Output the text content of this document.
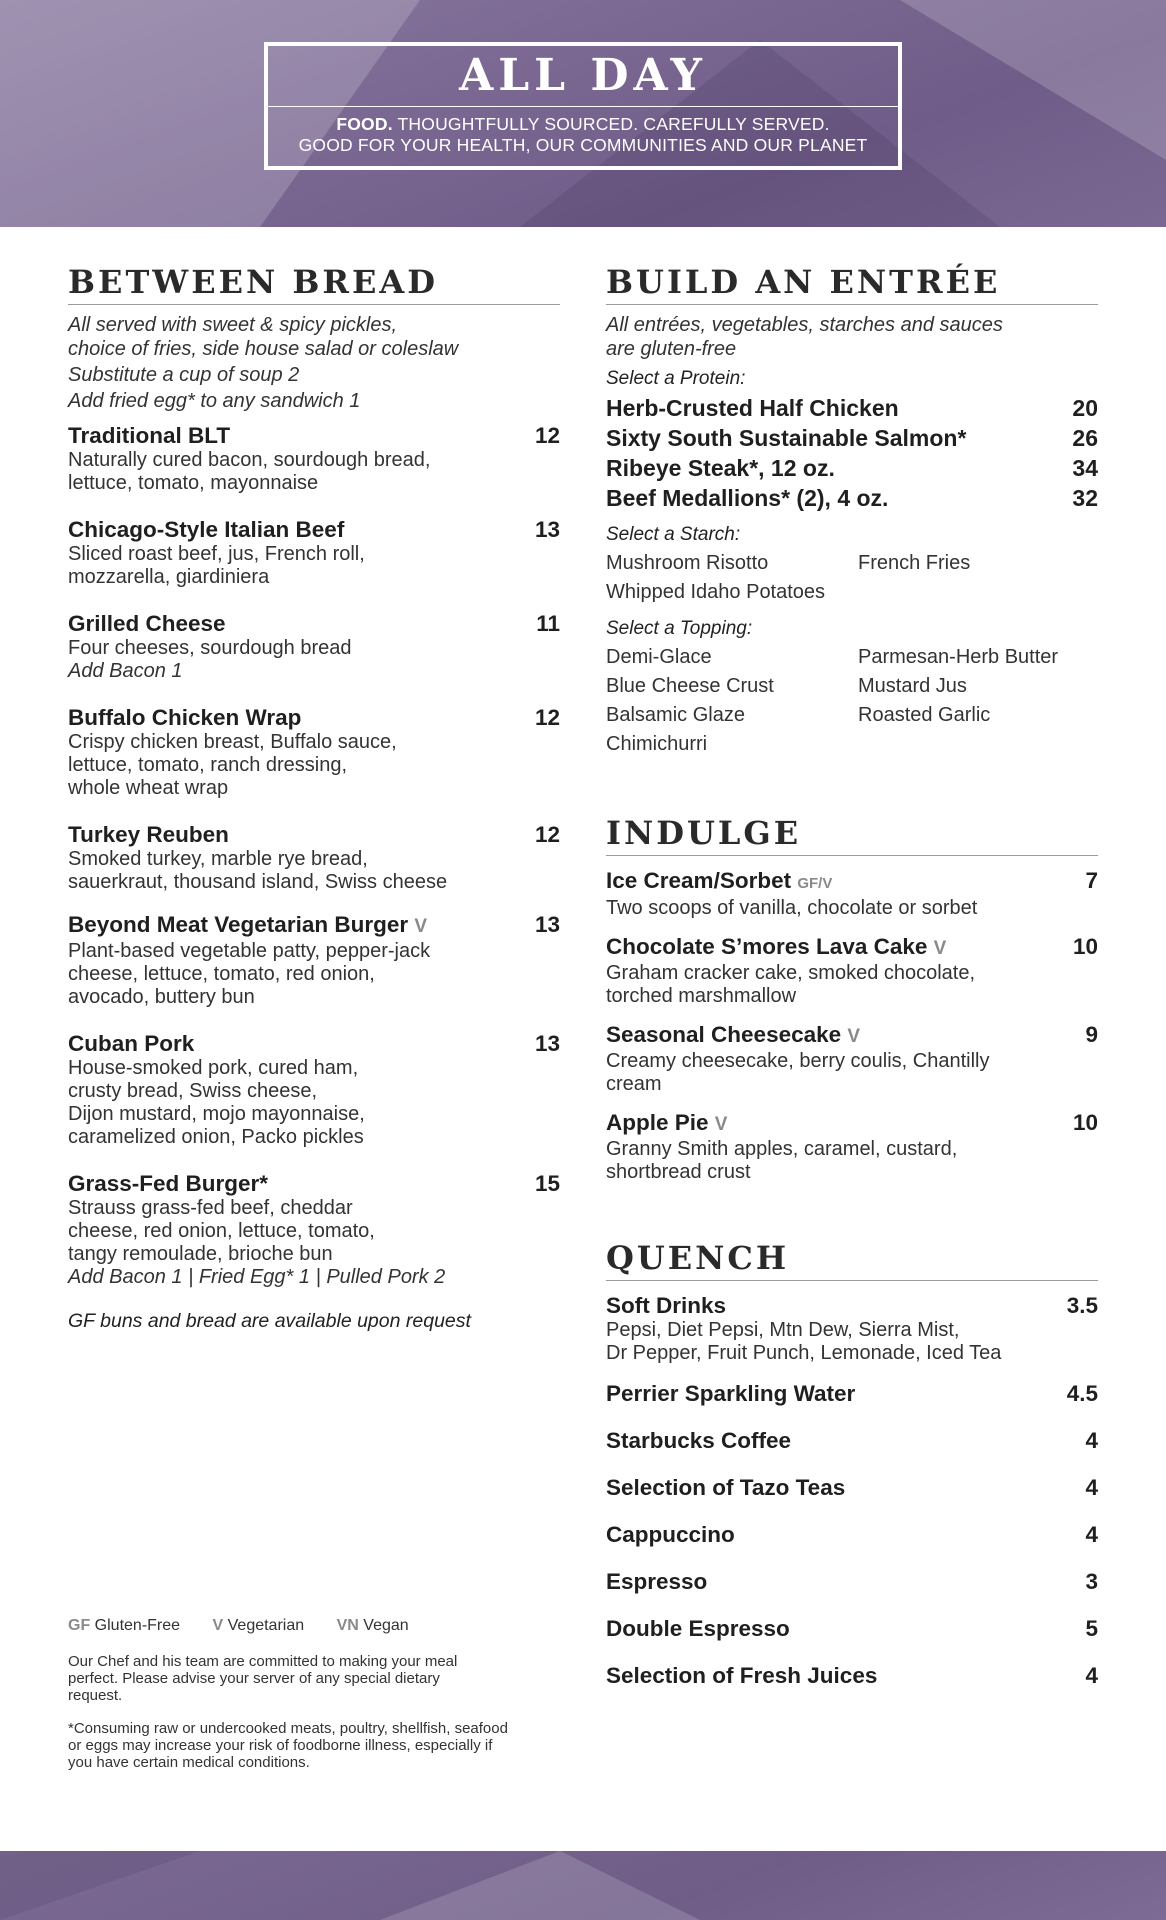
ALL DAY
FOOD. THOUGHTFULLY SOURCED. CAREFULLY SERVED.
GOOD FOR YOUR HEALTH, OUR COMMUNITIES AND OUR PLANET
BETWEEN BREAD
All served with sweet & spicy pickles,
choice of fries, side house salad or coleslaw
Substitute a cup of soup 2
Add fried egg* to any sandwich 1
Traditional BLT	12
Naturally cured bacon, sourdough bread,
lettuce, tomato, mayonnaise
Chicago-Style Italian Beef	13
Sliced roast beef, jus, French roll,
mozzarella, giardiniera
Grilled Cheese	11
Four cheeses, sourdough bread
Add Bacon 1
Buffalo Chicken Wrap	12
Crispy chicken breast, Buffalo sauce,
lettuce, tomato, ranch dressing,
whole wheat wrap
Turkey Reuben	12
Smoked turkey, marble rye bread,
sauerkraut, thousand island, Swiss cheese
Beyond Meat Vegetarian Burger V	13
Plant-based vegetable patty, pepper-jack
cheese, lettuce, tomato, red onion,
avocado, buttery bun
Cuban Pork	13
House-smoked pork, cured ham,
crusty bread, Swiss cheese,
Dijon mustard, mojo mayonnaise,
caramelized onion, Packo pickles
Grass-Fed Burger*	15
Strauss grass-fed beef, cheddar
cheese, red onion, lettuce, tomato,
tangy remoulade, brioche bun
Add Bacon 1 | Fried Egg* 1 | Pulled Pork 2
GF buns and bread are available upon request
GF Gluten-Free V Vegetarian VN Vegan
Our Chef and his team are committed to making your meal perfect. Please advise your server of any special dietary request.
*Consuming raw or undercooked meats, poultry, shellfish, seafood or eggs may increase your risk of foodborne illness, especially if you have certain medical conditions.
BUILD AN ENTRÉE
All entrées, vegetables, starches and sauces
are gluten-free
Select a Protein:
Herb-Crusted Half Chicken	20
Sixty South Sustainable Salmon*	26
Ribeye Steak*, 12 oz.	34
Beef Medallions* (2), 4 oz.	32
Select a Starch:
Mushroom Risotto	French Fries
Whipped Idaho Potatoes
Select a Topping:
Demi-Glace	Parmesan-Herb Butter
Blue Cheese Crust	Mustard Jus
Balsamic Glaze	Roasted Garlic
Chimichurri
INDULGE
Ice Cream/Sorbet GF/V	7
Two scoops of vanilla, chocolate or sorbet
Chocolate S’mores Lava Cake V	10
Graham cracker cake, smoked chocolate,
torched marshmallow
Seasonal Cheesecake V	9
Creamy cheesecake, berry coulis, Chantilly
cream
Apple Pie V	10
Granny Smith apples, caramel, custard,
shortbread crust
QUENCH
Soft Drinks	3.5
Pepsi, Diet Pepsi, Mtn Dew, Sierra Mist,
Dr Pepper, Fruit Punch, Lemonade, Iced Tea
Perrier Sparkling Water	4.5
Starbucks Coffee	4
Selection of Tazo Teas	4
Cappuccino	4
Espresso	3
Double Espresso	5
Selection of Fresh Juices	4
